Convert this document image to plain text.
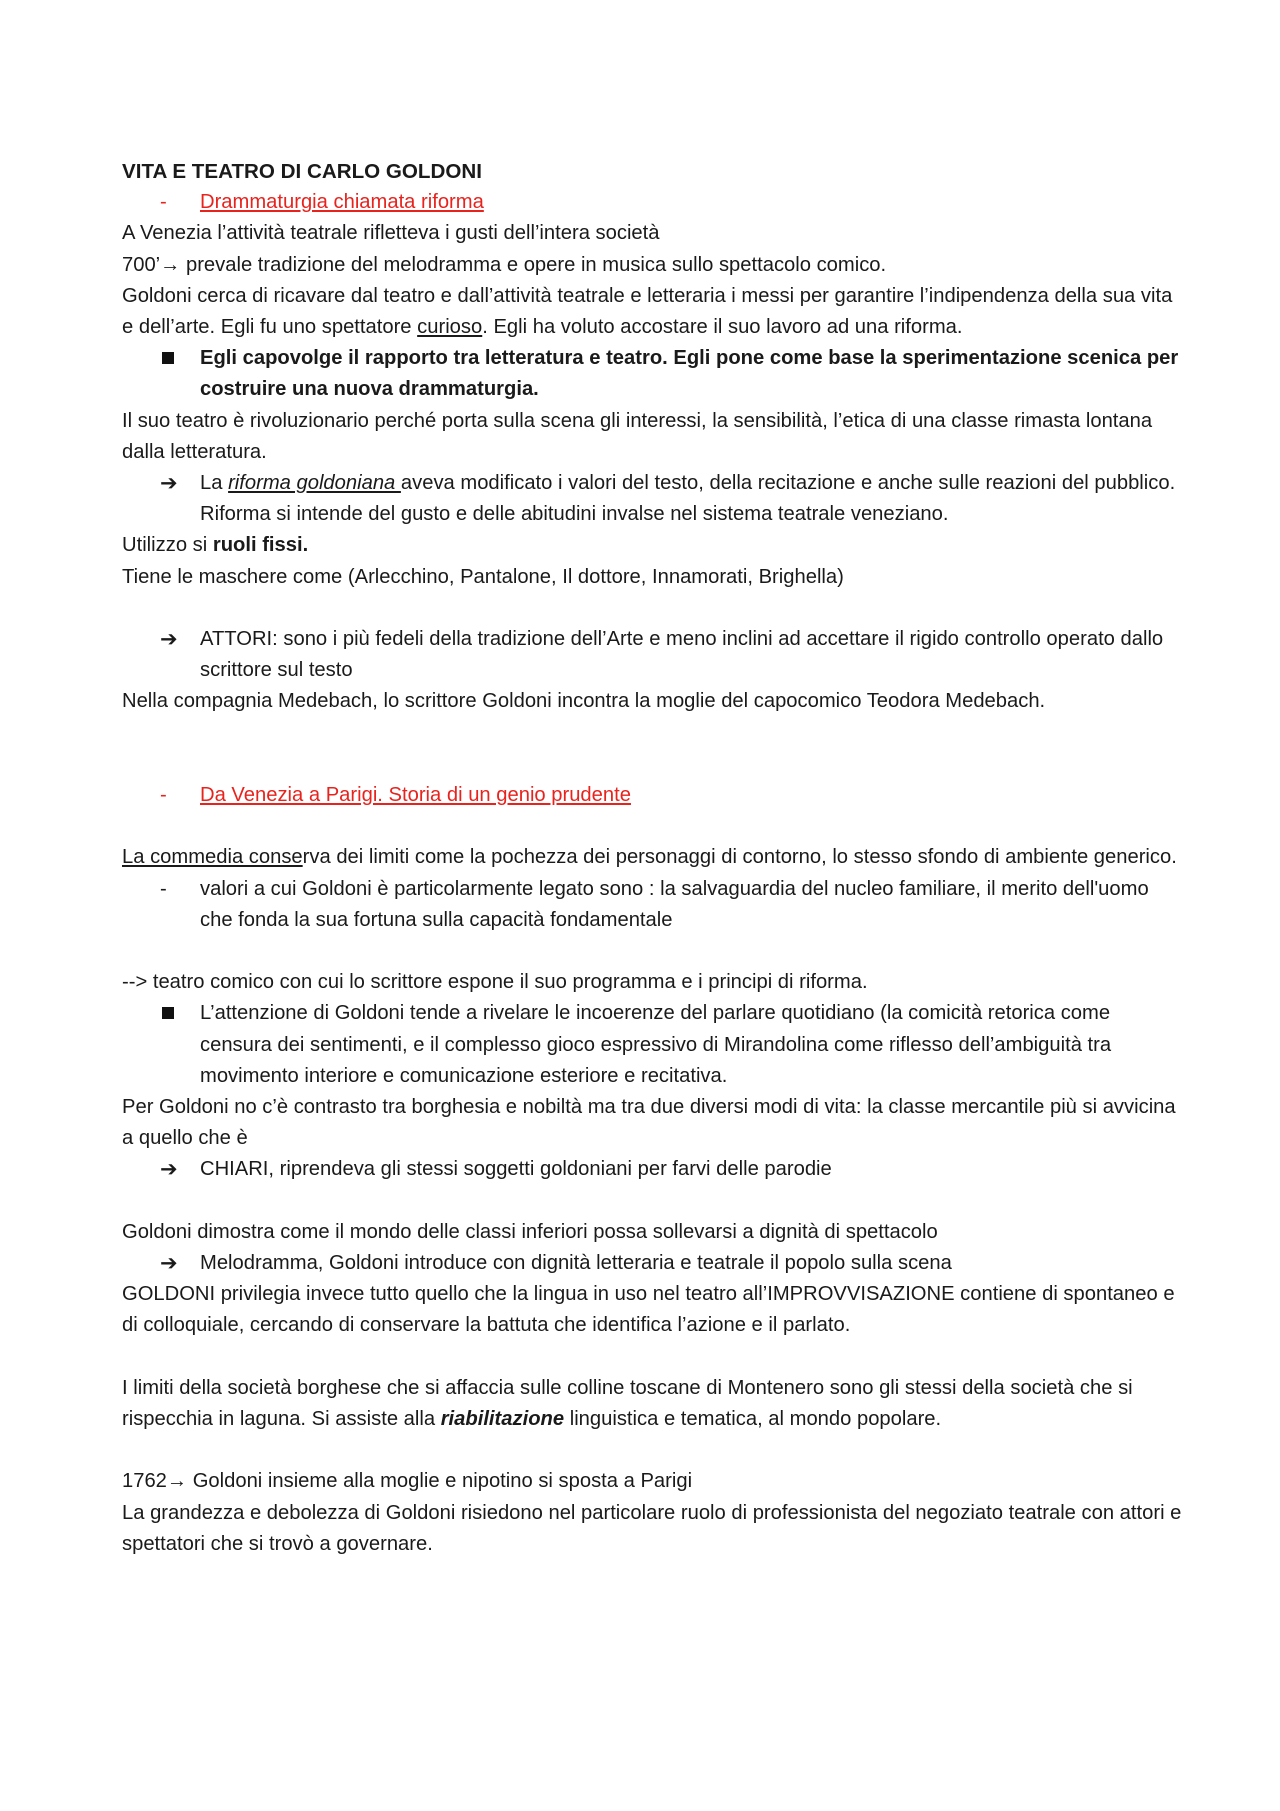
VITA E TEATRO DI CARLO GOLDONI

- Drammaturgia chiamata riforma

A Venezia l’attività teatrale rifletteva i gusti dell’intera società

700’→ prevale tradizione del melodramma e opere in musica sullo spettacolo comico.

Goldoni cerca di ricavare dal teatro e dall’attività teatrale e letteraria i messi per garantire l’indipendenza della sua vita e dell’arte. Egli fu uno spettatore curioso. Egli ha voluto accostare il suo lavoro ad una riforma.

Egli capovolge il rapporto tra letteratura e teatro. Egli pone come base la sperimentazione scenica per costruire una nuova drammaturgia.

Il suo teatro è rivoluzionario perché porta sulla scena gli interessi, la sensibilità, l’etica di una classe rimasta lontana dalla letteratura.

➔ La riforma goldoniana aveva modificato i valori del testo, della recitazione e anche sulle reazioni del pubblico. Riforma si intende del gusto e delle abitudini invalse nel sistema teatrale veneziano.

Utilizzo si ruoli fissi.

Tiene le maschere come (Arlecchino, Pantalone, Il dottore, Innamorati, Brighella)

➔ ATTORI: sono i più fedeli della tradizione dell’Arte e meno inclini ad accettare il rigido controllo operato dallo scrittore sul testo

Nella compagnia Medebach, lo scrittore Goldoni incontra la moglie del capocomico Teodora Medebach.

- Da Venezia a Parigi. Storia di un genio prudente

La commedia conserva dei limiti come la pochezza dei personaggi di contorno, lo stesso sfondo di ambiente generico.

- valori a cui Goldoni è particolarmente legato sono : la salvaguardia del nucleo familiare, il merito dell'uomo che fonda la sua fortuna sulla capacità fondamentale

--> teatro comico con cui lo scrittore espone il suo programma e i principi di riforma.

L’attenzione di Goldoni tende a rivelare le incoerenze del parlare quotidiano (la comicità retorica come censura dei sentimenti, e il complesso gioco espressivo di Mirandolina come riflesso dell’ambiguità tra movimento interiore e comunicazione esteriore e recitativa.

Per Goldoni no c’è contrasto tra borghesia e nobiltà ma tra due diversi modi di vita: la classe mercantile più si avvicina a quello che è

➔ CHIARI, riprendeva gli stessi soggetti goldoniani per farvi delle parodie

Goldoni dimostra come il mondo delle classi inferiori possa sollevarsi a dignità di spettacolo

➔ Melodramma, Goldoni introduce con dignità letteraria e teatrale il popolo sulla scena

GOLDONI privilegia invece tutto quello che la lingua in uso nel teatro all’IMPROVVISAZIONE contiene di spontaneo e di colloquiale, cercando di conservare la battuta che identifica l’azione e il parlato.

I limiti della società borghese che si affaccia sulle colline toscane di Montenero sono gli stessi della società che si rispecchia in laguna. Si assiste alla riabilitazione linguistica e tematica, al mondo popolare.

1762→ Goldoni insieme alla moglie e nipotino si sposta a Parigi

La grandezza e debolezza di Goldoni risiedono nel particolare ruolo di professionista del negoziato teatrale con attori e spettatori che si trovò a governare.
